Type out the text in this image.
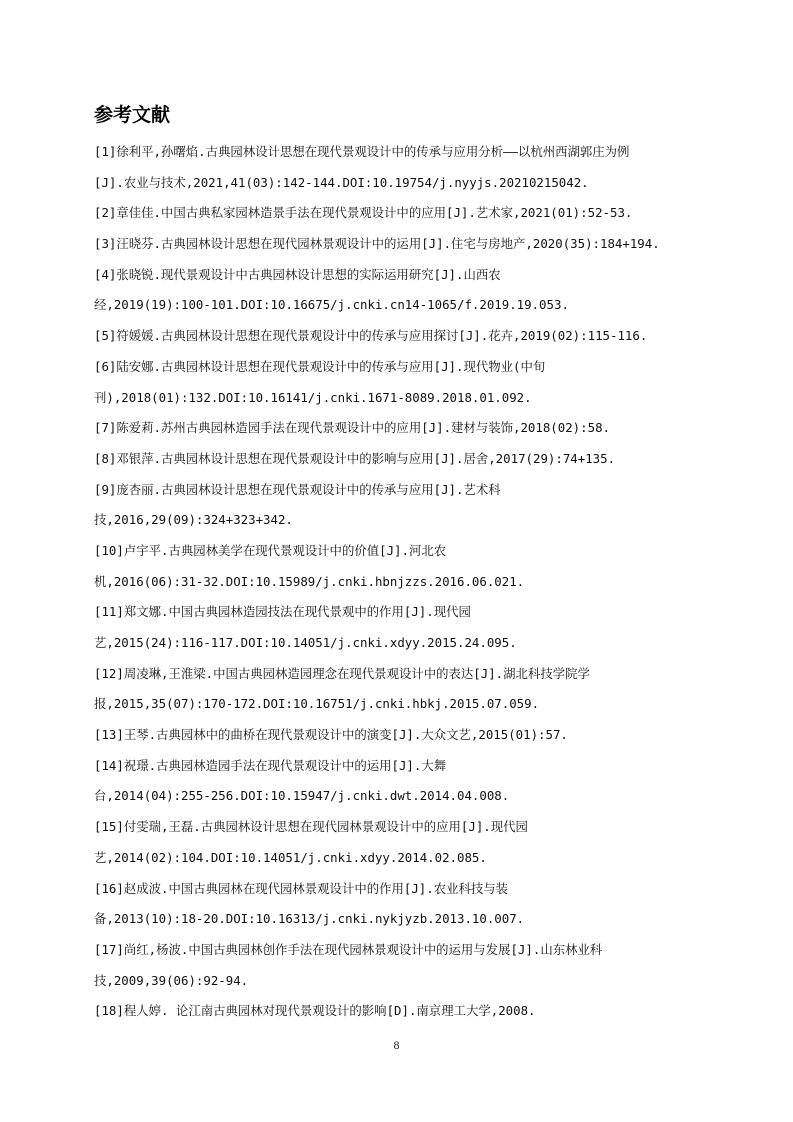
参考文献
[1]徐利平,孙曙焰.古典园林设计思想在现代景观设计中的传承与应用分析——以杭州西湖郭庄为例
[J].农业与技术,2021,41(03):142-144.DOI:10.19754/j.nyyjs.20210215042.
[2]章佳佳.中国古典私家园林造景手法在现代景观设计中的应用[J].艺术家,2021(01):52-53.
[3]汪晓芬.古典园林设计思想在现代园林景观设计中的运用[J].住宅与房地产,2020(35):184+194.
[4]张晓锐.现代景观设计中古典园林设计思想的实际运用研究[J].山西农
经,2019(19):100-101.DOI:10.16675/j.cnki.cn14-1065/f.2019.19.053.
[5]符媛媛.古典园林设计思想在现代景观设计中的传承与应用探讨[J].花卉,2019(02):115-116.
[6]陆安娜.古典园林设计思想在现代景观设计中的传承与应用[J].现代物业(中旬
刊),2018(01):132.DOI:10.16141/j.cnki.1671-8089.2018.01.092.
[7]陈爱莉.苏州古典园林造园手法在现代景观设计中的应用[J].建材与装饰,2018(02):58.
[8]邓银萍.古典园林设计思想在现代景观设计中的影响与应用[J].居舍,2017(29):74+135.
[9]庞杏丽.古典园林设计思想在现代景观设计中的传承与应用[J].艺术科
技,2016,29(09):324+323+342.
[10]卢宇平.古典园林美学在现代景观设计中的价值[J].河北农
机,2016(06):31-32.DOI:10.15989/j.cnki.hbnjzzs.2016.06.021.
[11]郑文娜.中国古典园林造园技法在现代景观中的作用[J].现代园
艺,2015(24):116-117.DOI:10.14051/j.cnki.xdyy.2015.24.095.
[12]周凌琳,王淮梁.中国古典园林造园理念在现代景观设计中的表达[J].湖北科技学院学
报,2015,35(07):170-172.DOI:10.16751/j.cnki.hbkj.2015.07.059.
[13]王琴.古典园林中的曲桥在现代景观设计中的演变[J].大众文艺,2015(01):57.
[14]祝璟.古典园林造园手法在现代景观设计中的运用[J].大舞
台,2014(04):255-256.DOI:10.15947/j.cnki.dwt.2014.04.008.
[15]付雯瑞,王磊.古典园林设计思想在现代园林景观设计中的应用[J].现代园
艺,2014(02):104.DOI:10.14051/j.cnki.xdyy.2014.02.085.
[16]赵成波.中国古典园林在现代园林景观设计中的作用[J].农业科技与装
备,2013(10):18-20.DOI:10.16313/j.cnki.nykjyzb.2013.10.007.
[17]尚红,杨波.中国古典园林创作手法在现代园林景观设计中的运用与发展[J].山东林业科
技,2009,39(06):92-94.
[18]程人婷. 论江南古典园林对现代景观设计的影响[D].南京理工大学,2008.
8
